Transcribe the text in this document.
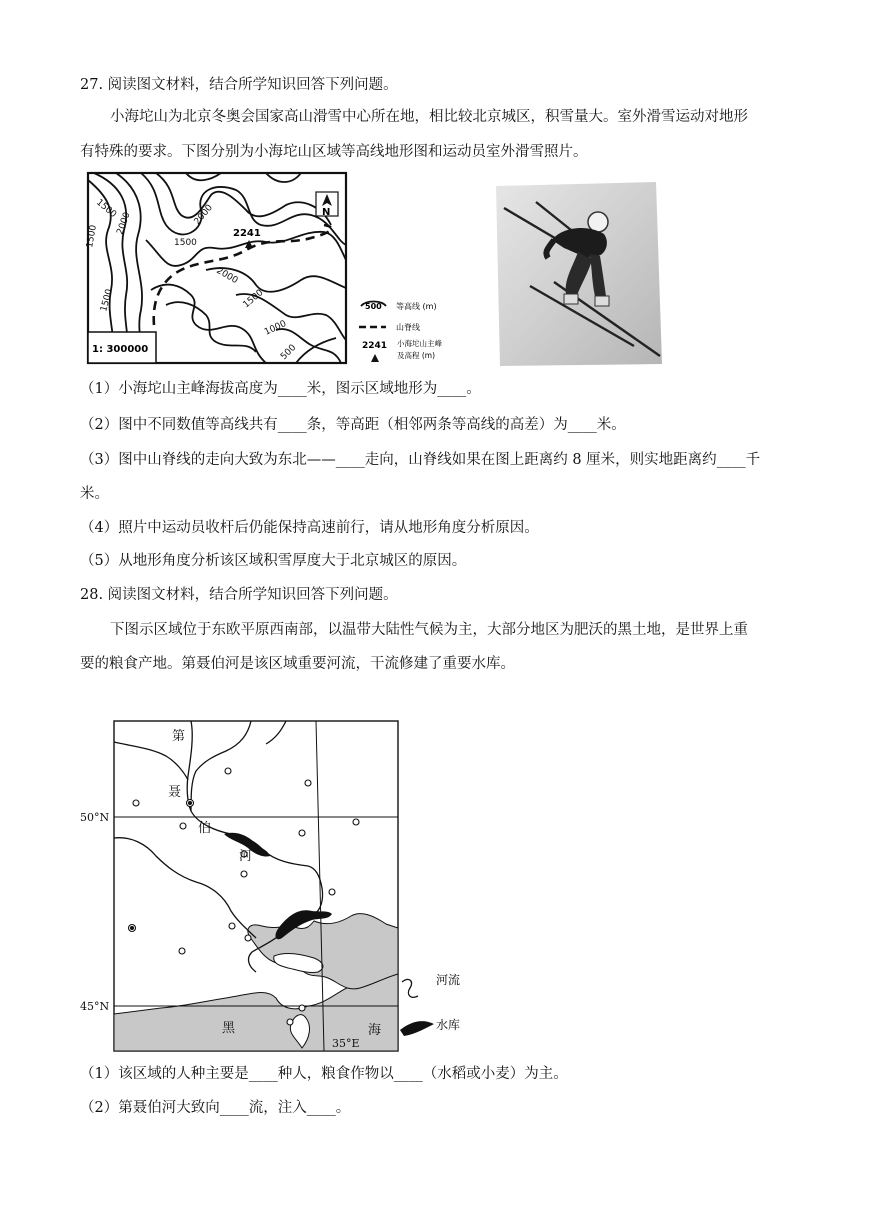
27. 阅读图文材料，结合所学知识回答下列问题。
小海坨山为北京冬奥会国家高山滑雪中心所在地，相比较北京城区，积雪量大。室外滑雪运动对地形
有特殊的要求。下图分别为小海坨山区域等高线地形图和运动员室外滑雪照片。
2241
1500
2000
1500
2000
1500
2000
1500
1000
500
1500
N
1: 300000
500 等高线 (m)
山脊线
2241 小海坨山主峰
及高程 (m)
（1）小海坨山主峰海拔高度为____米，图示区域地形为____。
（2）图中不同数值等高线共有____条，等高距（相邻两条等高线的高差）为____米。
（3）图中山脊线的走向大致为东北——____走向，山脊线如果在图上距离约 8 厘米，则实地距离约____千
米。
（4）照片中运动员收杆后仍能保持高速前行，请从地形角度分析原因。
（5）从地形角度分析该区域积雪厚度大于北京城区的原因。
28. 阅读图文材料，结合所学知识回答下列问题。
下图示区域位于东欧平原西南部，以温带大陆性气候为主，大部分地区为肥沃的黑土地，是世界上重
要的粮食产地。第聂伯河是该区域重要河流，干流修建了重要水库。
第
聂
伯
河
黑	海
50°N
45°N
35°E
河流
水库
（1）该区域的人种主要是____种人，粮食作物以____（水稻或小麦）为主。
（2）第聂伯河大致向____流，注入____。
